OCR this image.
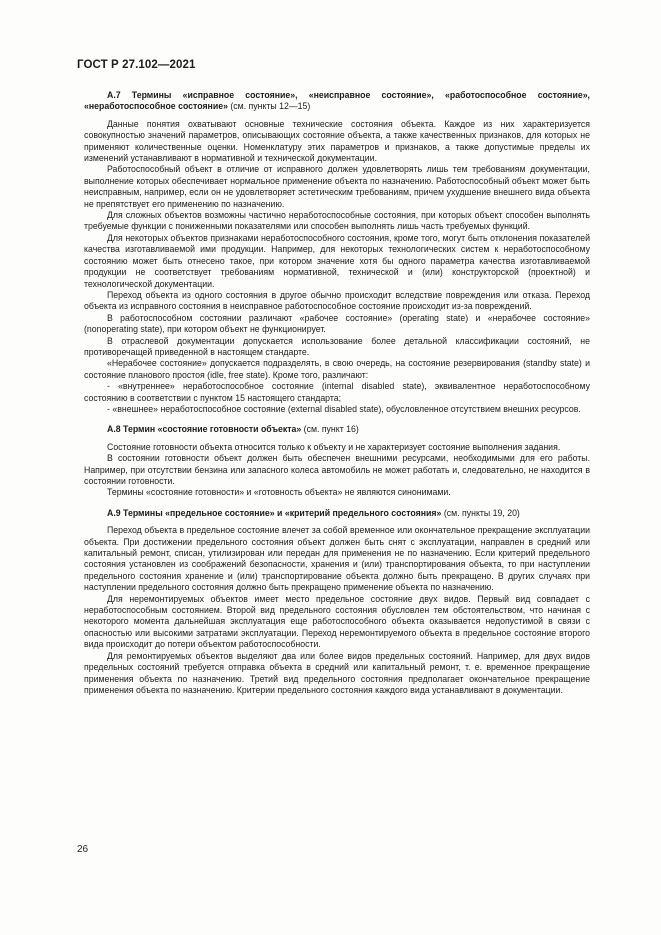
ГОСТ Р 27.102—2021

А.7 Термины «исправное состояние», «неисправное состояние», «работоспособное состояние», «неработоспособное состояние» (см. пункты 12—15)

Данные понятия охватывают основные технические состояния объекта. Каждое из них характеризуется совокупностью значений параметров, описывающих состояние объекта, а также качественных признаков, для которых не применяют количественные оценки. Номенклатуру этих параметров и признаков, а также допустимые пределы их изменений устанавливают в нормативной и технической документации.

Работоспособный объект в отличие от исправного должен удовлетворять лишь тем требованиям документации, выполнение которых обеспечивает нормальное применение объекта по назначению. Работоспособный объект может быть неисправным, например, если он не удовлетворяет эстетическим требованиям, причем ухудшение внешнего вида объекта не препятствует его применению по назначению.

Для сложных объектов возможны частично неработоспособные состояния, при которых объект способен выполнять требуемые функции с пониженными показателями или способен выполнять лишь часть требуемых функций.

Для некоторых объектов признаками неработоспособного состояния, кроме того, могут быть отклонения показателей качества изготавливаемой ими продукции. Например, для некоторых технологических систем к неработоспособному состоянию может быть отнесено такое, при котором значение хотя бы одного параметра качества изготавливаемой продукции не соответствует требованиям нормативной, технической и (или) конструкторской (проектной) и технологической документации.

Переход объекта из одного состояния в другое обычно происходит вследствие повреждения или отказа. Переход объекта из исправного состояния в неисправное работоспособное состояние происходит из-за повреждений.

В работоспособном состоянии различают «рабочее состояние» (operating state) и «нерабочее состояние» (nonoperating state), при котором объект не функционирует.

В отраслевой документации допускается использование более детальной классификации состояний, не противоречащей приведенной в настоящем стандарте.

«Нерабочее состояние» допускается подразделять, в свою очередь, на состояние резервирования (standby state) и состояние планового простоя (idle, free state). Кроме того, различают:

- «внутреннее» неработоспособное состояние (internal disabled state), эквивалентное неработоспособному состоянию в соответствии с пунктом 15 настоящего стандарта;

- «внешнее» неработоспособное состояние (external disabled state), обусловленное отсутствием внешних ресурсов.

А.8 Термин «состояние готовности объекта» (см. пункт 16)

Состояние готовности объекта относится только к объекту и не характеризует состояние выполнения задания.

В состоянии готовности объект должен быть обеспечен внешними ресурсами, необходимыми для его работы. Например, при отсутствии бензина или запасного колеса автомобиль не может работать и, следовательно, не находится в состоянии готовности.

Термины «состояние готовности» и «готовность объекта» не являются синонимами.

А.9 Термины «предельное состояние» и «критерий предельного состояния» (см. пункты 19, 20)

Переход объекта в предельное состояние влечет за собой временное или окончательное прекращение эксплуатации объекта. При достижении предельного состояния объект должен быть снят с эксплуатации, направлен в средний или капитальный ремонт, списан, утилизирован или передан для применения не по назначению. Если критерий предельного состояния установлен из соображений безопасности, хранения и (или) транспортирования объекта, то при наступлении предельного состояния хранение и (или) транспортирование объекта должно быть прекращено. В других случаях при наступлении предельного состояния должно быть прекращено применение объекта по назначению.

Для неремонтируемых объектов имеет место предельное состояние двух видов. Первый вид совпадает с неработоспособным состоянием. Второй вид предельного состояния обусловлен тем обстоятельством, что начиная с некоторого момента дальнейшая эксплуатация еще работоспособного объекта оказывается недопустимой в связи с опасностью или высокими затратами эксплуатации. Переход неремонтируемого объекта в предельное состояние второго вида происходит до потери объектом работоспособности.

Для ремонтируемых объектов выделяют два или более видов предельных состояний. Например, для двух видов предельных состояний требуется отправка объекта в средний или капитальный ремонт, т. е. временное прекращение применения объекта по назначению. Третий вид предельного состояния предполагает окончательное прекращение применения объекта по назначению. Критерии предельного состояния каждого вида устанавливают в документации.

26
